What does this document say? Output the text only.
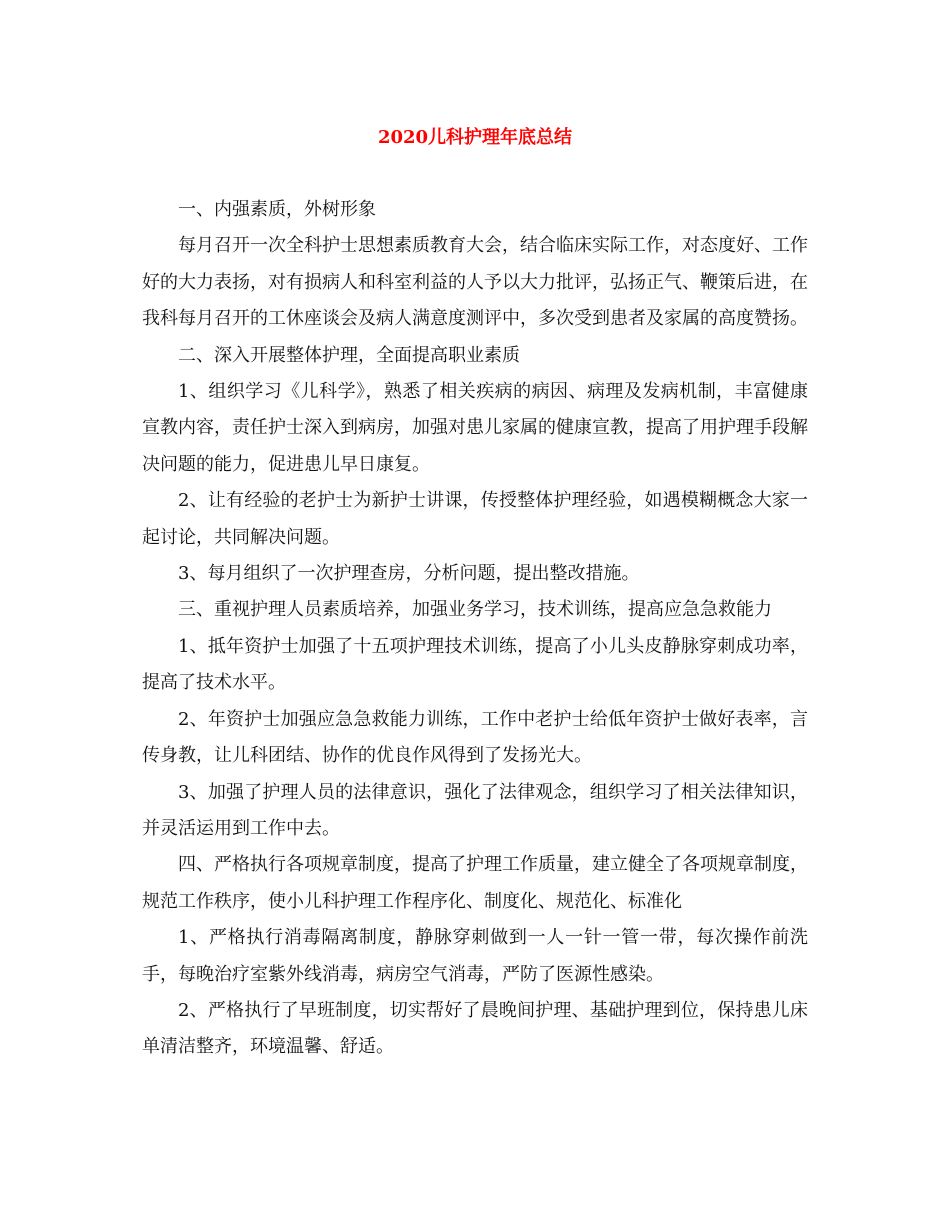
2020儿科护理年底总结

一、内强素质，外树形象

每月召开一次全科护士思想素质教育大会，结合临床实际工作，对态度好、工作好的大力表扬，对有损病人和科室利益的人予以大力批评，弘扬正气、鞭策后进，在我科每月召开的工休座谈会及病人满意度测评中，多次受到患者及家属的高度赞扬。

二、深入开展整体护理，全面提高职业素质

1、组织学习《儿科学》，熟悉了相关疾病的病因、病理及发病机制，丰富健康宣教内容，责任护士深入到病房，加强对患儿家属的健康宣教，提高了用护理手段解决问题的能力，促进患儿早日康复。

2、让有经验的老护士为新护士讲课，传授整体护理经验，如遇模糊概念大家一起讨论，共同解决问题。

3、每月组织了一次护理查房，分析问题，提出整改措施。

三、重视护理人员素质培养，加强业务学习，技术训练，提高应急急救能力

1、抵年资护士加强了十五项护理技术训练，提高了小儿头皮静脉穿刺成功率，提高了技术水平。

2、年资护士加强应急急救能力训练，工作中老护士给低年资护士做好表率，言传身教，让儿科团结、协作的优良作风得到了发扬光大。

3、加强了护理人员的法律意识，强化了法律观念，组织学习了相关法律知识，并灵活运用到工作中去。

四、严格执行各项规章制度，提高了护理工作质量，建立健全了各项规章制度，规范工作秩序，使小儿科护理工作程序化、制度化、规范化、标准化

1、严格执行消毒隔离制度，静脉穿刺做到一人一针一管一带，每次操作前洗手，每晚治疗室紫外线消毒，病房空气消毒，严防了医源性感染。

2、严格执行了早班制度，切实帮好了晨晚间护理、基础护理到位，保持患儿床单清洁整齐，环境温馨、舒适。
